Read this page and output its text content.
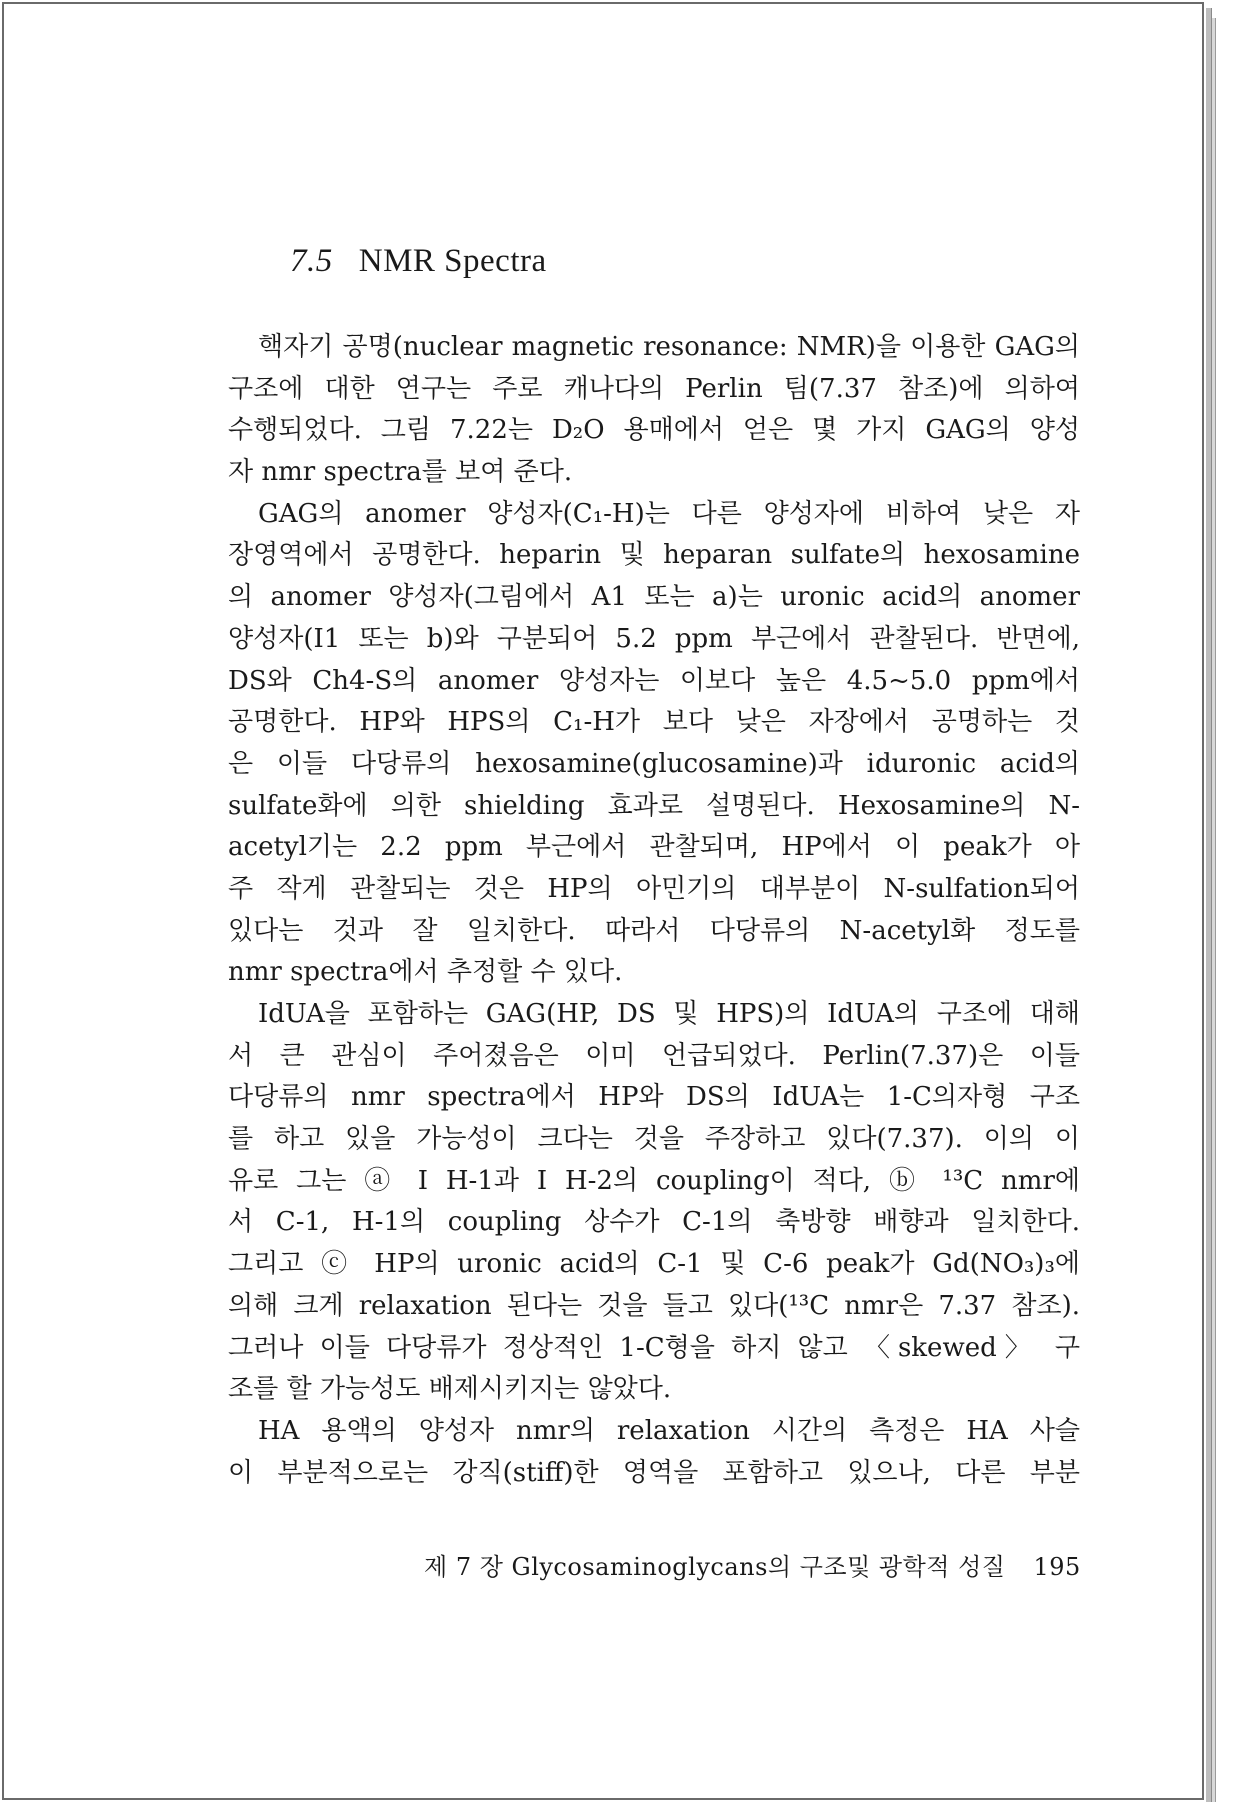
7.5 NMR Spectra
핵자기 공명(nuclear magnetic resonance: NMR)을 이용한 GAG의
구조에 대한 연구는 주로 캐나다의 Perlin 팀(7.37 참조)에 의하여
수행되었다. 그림 7.22는 D₂O 용매에서 얻은 몇 가지 GAG의 양성
자 nmr spectra를 보여 준다.
GAG의 anomer 양성자(C₁-H)는 다른 양성자에 비하여 낮은 자
장영역에서 공명한다. heparin 및 heparan sulfate의 hexosamine
의 anomer 양성자(그림에서 A1 또는 a)는 uronic acid의 anomer
양성자(I1 또는 b)와 구분되어 5.2 ppm 부근에서 관찰된다. 반면에,
DS와 Ch4-S의 anomer 양성자는 이보다 높은 4.5~5.0 ppm에서
공명한다. HP와 HPS의 C₁-H가 보다 낮은 자장에서 공명하는 것
은 이들 다당류의 hexosamine(glucosamine)과 iduronic acid의
sulfate화에 의한 shielding 효과로 설명된다. Hexosamine의 N-
acetyl기는 2.2 ppm 부근에서 관찰되며, HP에서 이 peak가 아
주 작게 관찰되는 것은 HP의 아민기의 대부분이 N-sulfation되어
있다는 것과 잘 일치한다. 따라서 다당류의 N-acetyl화 정도를
nmr spectra에서 추정할 수 있다.
IdUA을 포함하는 GAG(HP, DS 및 HPS)의 IdUA의 구조에 대해
서 큰 관심이 주어졌음은 이미 언급되었다. Perlin(7.37)은 이들
다당류의 nmr spectra에서 HP와 DS의 IdUA는 1-C의자형 구조
를 하고 있을 가능성이 크다는 것을 주장하고 있다(7.37). 이의 이
유로 그는 ⓐ I H-1과 I H-2의 coupling이 적다, ⓑ ¹³C nmr에
서 C-1, H-1의 coupling 상수가 C-1의 축방향 배향과 일치한다.
그리고 ⓒ HP의 uronic acid의 C-1 및 C-6 peak가 Gd(NO₃)₃에
의해 크게 relaxation 된다는 것을 들고 있다(¹³C nmr은 7.37 참조).
그러나 이들 다당류가 정상적인 1-C형을 하지 않고 〈skewed〉 구
조를 할 가능성도 배제시키지는 않았다.
HA 용액의 양성자 nmr의 relaxation 시간의 측정은 HA 사슬
이 부분적으로는 강직(stiff)한 영역을 포함하고 있으나, 다른 부분
제 7 장 Glycosaminoglycans의 구조및 광학적 성질 195
